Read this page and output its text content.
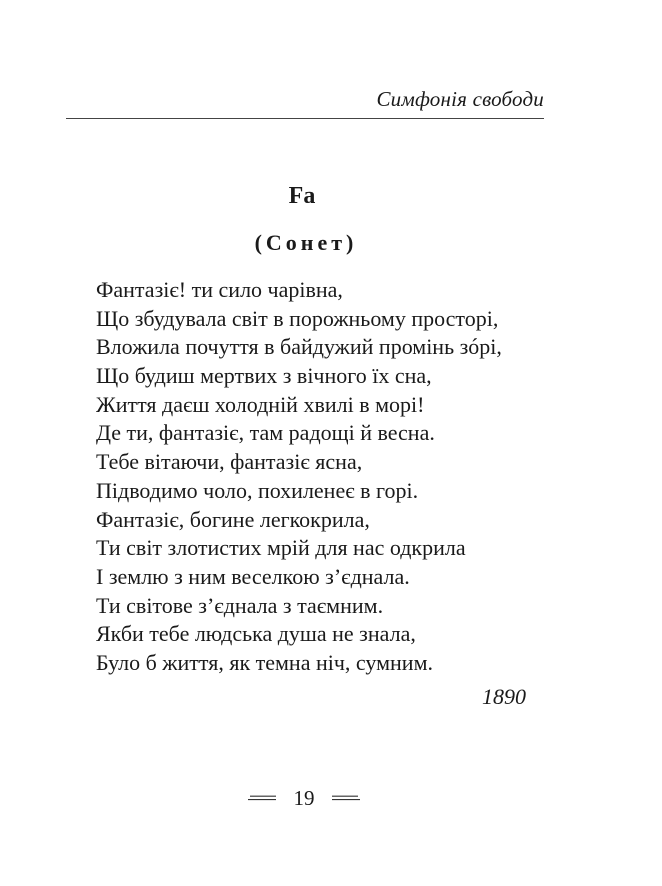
Симфонія свободи
Fa
(Сонет)
Фантазіє! ти сило чарівна,
Що збудувала світ в порожньому просторі,
Вложила почуття в байдужий промінь зóрі,
Що будиш мертвих з вічного їх сна,
Життя даєш холодній хвилі в морі!
Де ти, фантазіє, там радощі й весна.
Тебе вітаючи, фантазіє ясна,
Підводимо чоло, похиленеє в горі.
Фантазіє, богине легкокрила,
Ти світ злотистих мрій для нас одкрила
І землю з ним веселкою з’єднала.
Ти світове з’єднала з таємним.
Якби тебе людська душа не знала,
Було б життя, як темна ніч, сумним.
1890
19
